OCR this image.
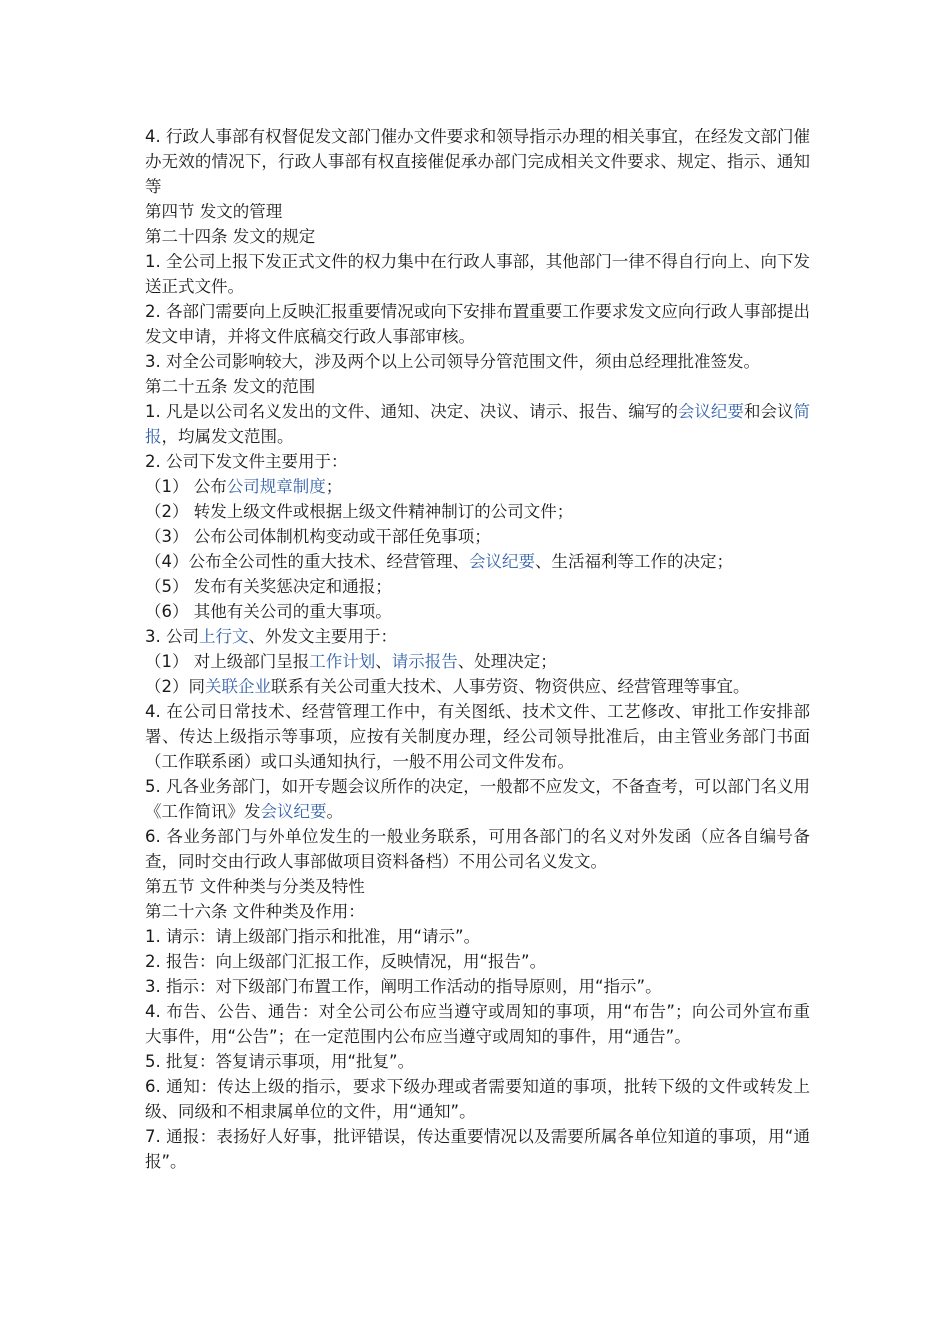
4. 行政人事部有权督促发文部门催办文件要求和领导指示办理的相关事宜，在经发文部门催办无效的情况下，行政人事部有权直接催促承办部门完成相关文件要求、规定、指示、通知等

第四节 发文的管理

第二十四条 发文的规定

1. 全公司上报下发正式文件的权力集中在行政人事部，其他部门一律不得自行向上、向下发送正式文件。

2. 各部门需要向上反映汇报重要情况或向下安排布置重要工作要求发文应向行政人事部提出发文申请，并将文件底稿交行政人事部审核。

3. 对全公司影响较大，涉及两个以上公司领导分管范围文件，须由总经理批准签发。

第二十五条 发文的范围

1. 凡是以公司名义发出的文件、通知、决定、决议、请示、报告、编写的会议纪要和会议简报，均属发文范围。

2. 公司下发文件主要用于：

（1） 公布公司规章制度；

（2） 转发上级文件或根据上级文件精神制订的公司文件；

（3） 公布公司体制机构变动或干部任免事项；

（4）公布全公司性的重大技术、经营管理、会议纪要、生活福利等工作的决定；

（5） 发布有关奖惩决定和通报；

（6） 其他有关公司的重大事项。

3. 公司上行文、外发文主要用于：

（1） 对上级部门呈报工作计划、请示报告、处理决定；

（2）同关联企业联系有关公司重大技术、人事劳资、物资供应、经营管理等事宜。

4. 在公司日常技术、经营管理工作中，有关图纸、技术文件、工艺修改、审批工作安排部署、传达上级指示等事项，应按有关制度办理，经公司领导批准后，由主管业务部门书面（工作联系函）或口头通知执行，一般不用公司文件发布。

5. 凡各业务部门，如开专题会议所作的决定，一般都不应发文，不备查考，可以部门名义用《工作简讯》发会议纪要。

6. 各业务部门与外单位发生的一般业务联系，可用各部门的名义对外发函（应各自编号备查，同时交由行政人事部做项目资料备档）不用公司名义发文。

第五节 文件种类与分类及特性

第二十六条 文件种类及作用：

1. 请示：请上级部门指示和批准，用“请示”。

2. 报告：向上级部门汇报工作，反映情况，用“报告”。

3. 指示：对下级部门布置工作，阐明工作活动的指导原则，用“指示”。

4. 布告、公告、通告：对全公司公布应当遵守或周知的事项，用“布告”；向公司外宣布重大事件，用“公告”；在一定范围内公布应当遵守或周知的事件，用“通告”。

5. 批复：答复请示事项，用“批复”。

6. 通知：传达上级的指示，要求下级办理或者需要知道的事项，批转下级的文件或转发上级、同级和不相隶属单位的文件，用“通知”。

7. 通报：表扬好人好事，批评错误，传达重要情况以及需要所属各单位知道的事项，用“通报”。
